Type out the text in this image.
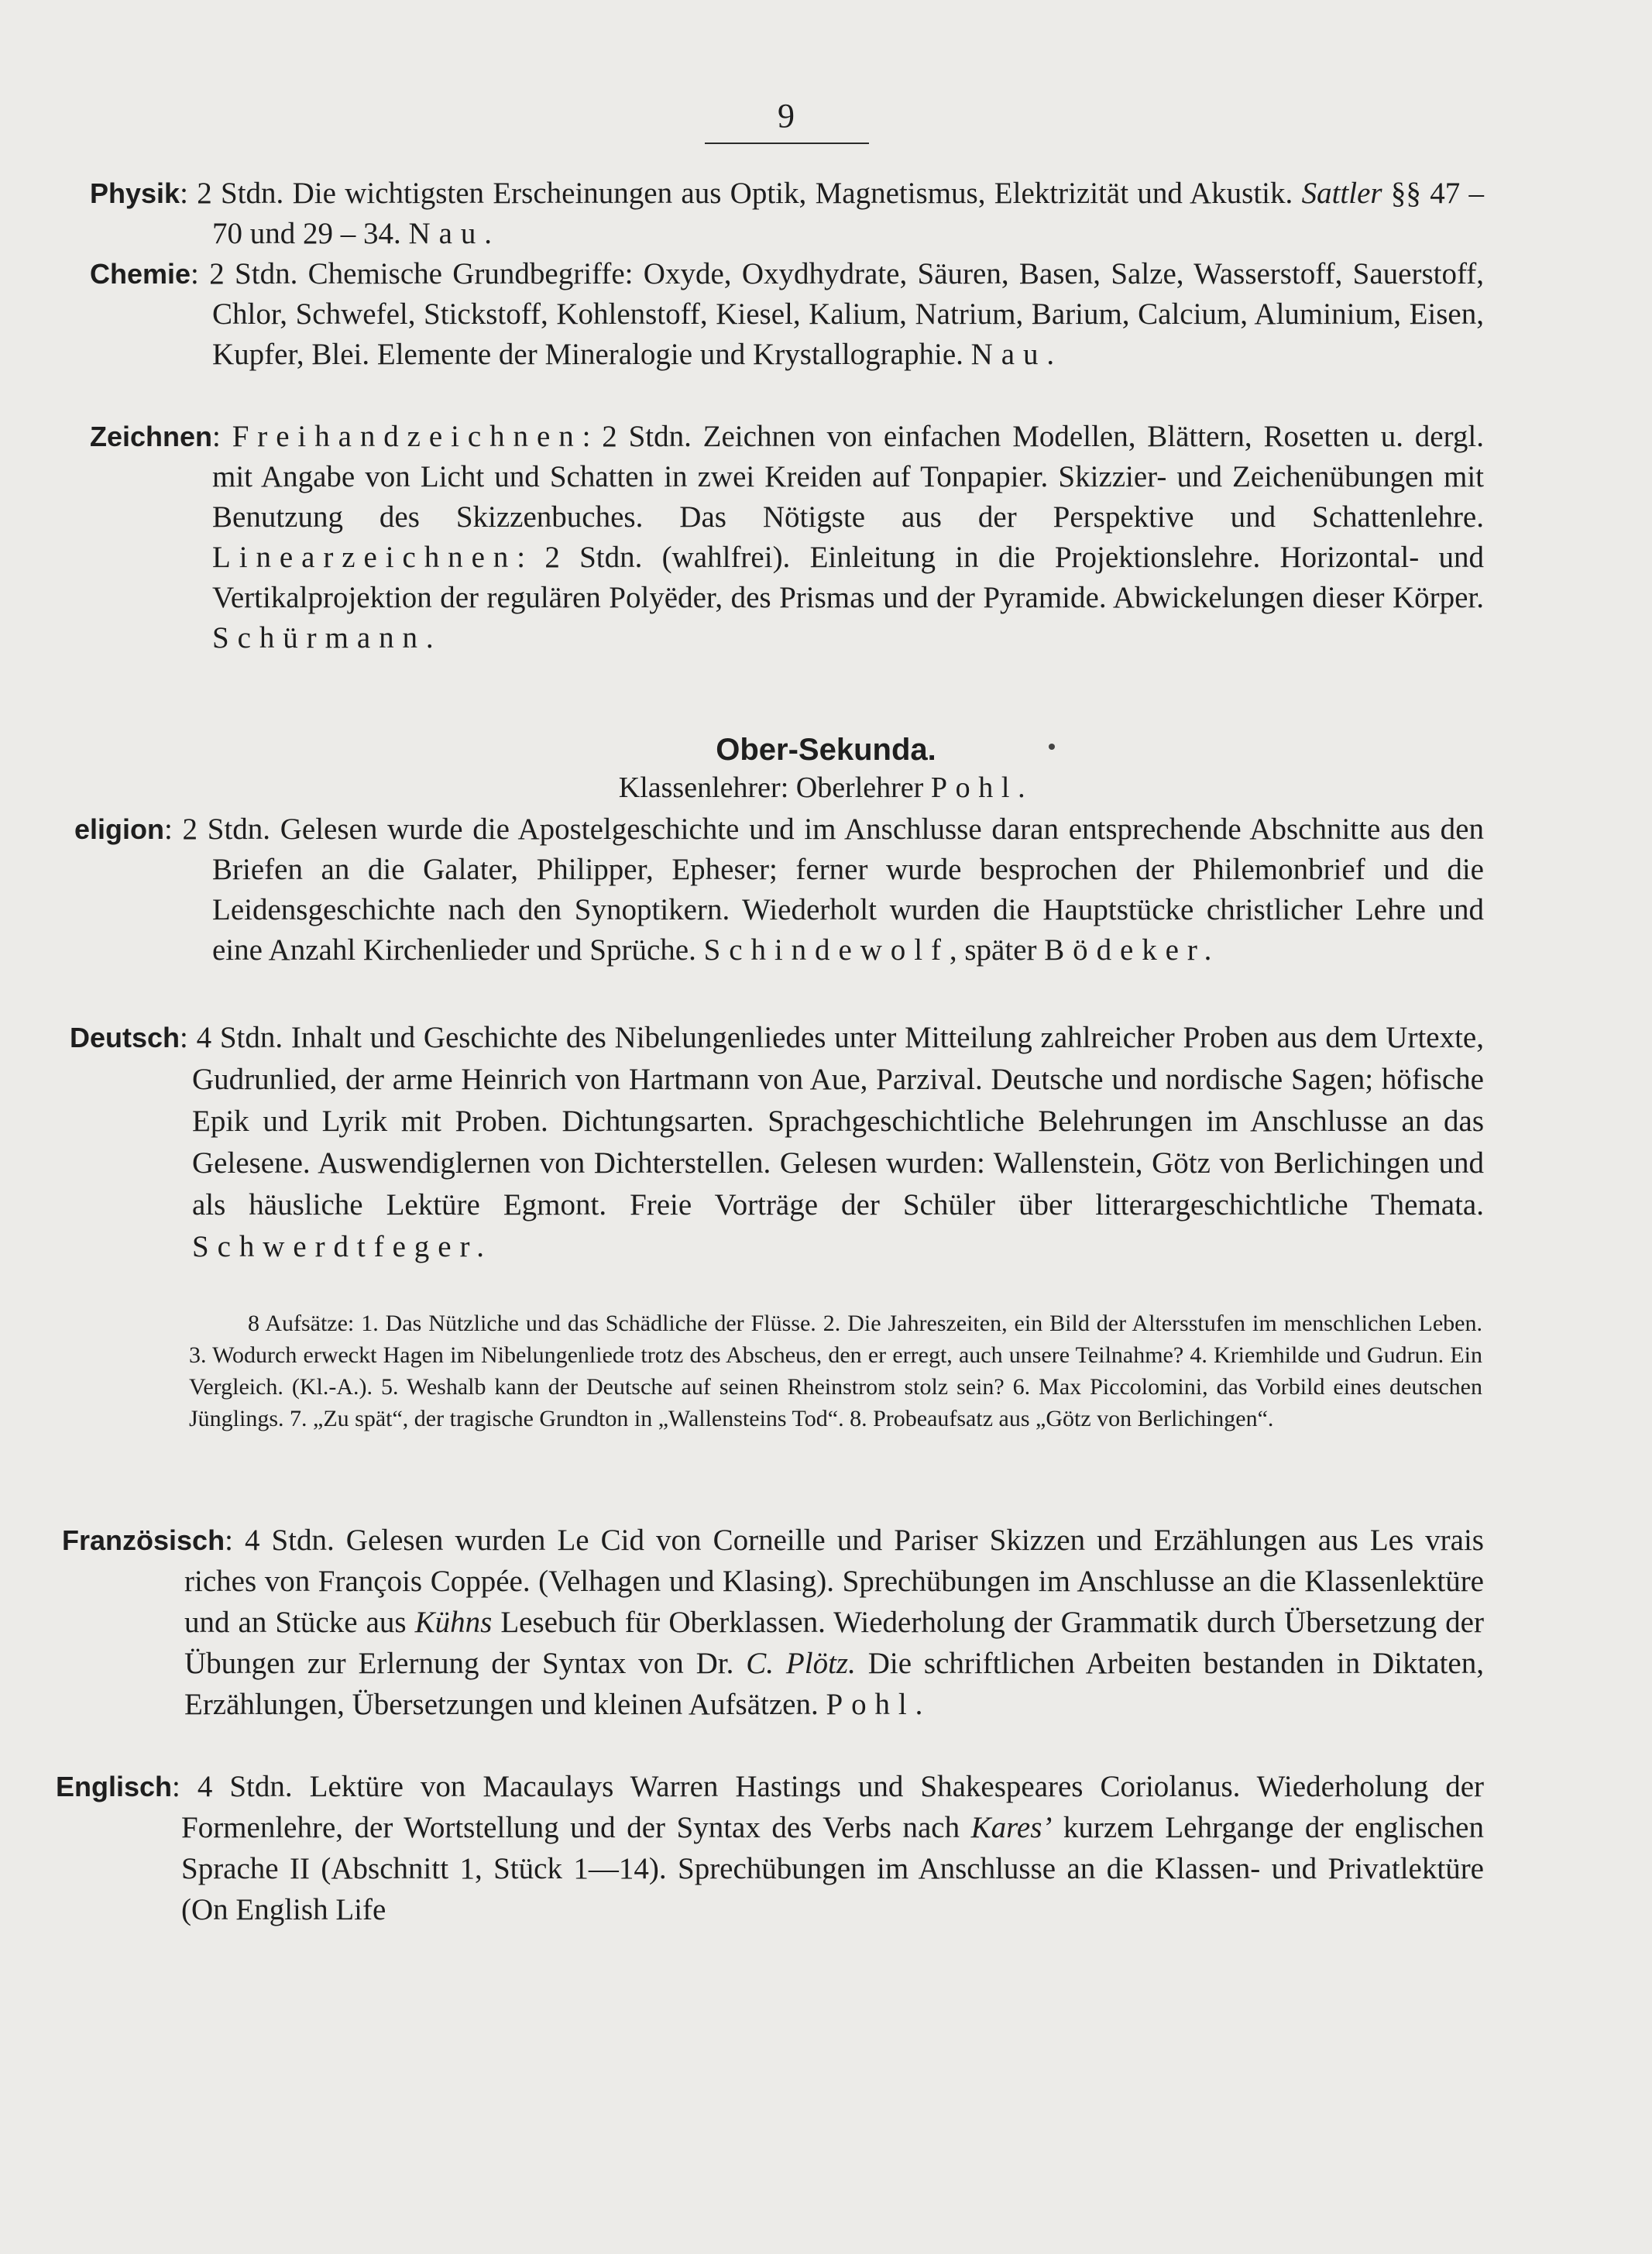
9

Physik: 2 Stdn. Die wichtigsten Erscheinungen aus Optik, Magnetismus, Elektrizität und Akustik. Sattler §§ 47 – 70 und 29 – 34. Nau.

Chemie: 2 Stdn. Chemische Grundbegriffe: Oxyde, Oxydhydrate, Säuren, Basen, Salze, Wasserstoff, Sauerstoff, Chlor, Schwefel, Stickstoff, Kohlenstoff, Kiesel, Kalium, Natrium, Barium, Calcium, Aluminium, Eisen, Kupfer, Blei. Elemente der Mineralogie und Krystallographie. Nau.

Zeichnen: Freihandzeichnen: 2 Stdn. Zeichnen von einfachen Modellen, Blättern, Rosetten u. dergl. mit Angabe von Licht und Schatten in zwei Kreiden auf Tonpapier. Skizzier- und Zeichenübungen mit Benutzung des Skizzenbuches. Das Nötigste aus der Perspektive und Schattenlehre. Linearzeichnen: 2 Stdn. (wahlfrei). Einleitung in die Projektionslehre. Horizontal- und Vertikalprojektion der regulären Polyëder, des Prismas und der Pyramide. Abwickelungen dieser Körper. Schürmann.

Ober-Sekunda.
Klassenlehrer: Oberlehrer Pohl.

eligion: 2 Stdn. Gelesen wurde die Apostelgeschichte und im Anschlusse daran entsprechende Abschnitte aus den Briefen an die Galater, Philipper, Epheser; ferner wurde besprochen der Philemonbrief und die Leidensgeschichte nach den Synoptikern. Wiederholt wurden die Hauptstücke christlicher Lehre und eine Anzahl Kirchenlieder und Sprüche. Schindewolf, später Bödeker.

Deutsch: 4 Stdn. Inhalt und Geschichte des Nibelungenliedes unter Mitteilung zahlreicher Proben aus dem Urtexte, Gudrunlied, der arme Heinrich von Hartmann von Aue, Parzival. Deutsche und nordische Sagen; höfische Epik und Lyrik mit Proben. Dichtungsarten. Sprachgeschichtliche Belehrungen im Anschlusse an das Gelesene. Auswendiglernen von Dichterstellen. Gelesen wurden: Wallenstein, Götz von Berlichingen und als häusliche Lektüre Egmont. Freie Vorträge der Schüler über litterargeschichtliche Themata. Schwerdtfeger.

8 Aufsätze: 1. Das Nützliche und das Schädliche der Flüsse. 2. Die Jahreszeiten, ein Bild der Altersstufen im menschlichen Leben. 3. Wodurch erweckt Hagen im Nibelungenliede trotz des Abscheus, den er erregt, auch unsere Teilnahme? 4. Kriemhilde und Gudrun. Ein Vergleich. (Kl.-A.). 5. Weshalb kann der Deutsche auf seinen Rheinstrom stolz sein? 6. Max Piccolomini, das Vorbild eines deutschen Jünglings. 7. „Zu spät“, der tragische Grundton in „Wallensteins Tod“. 8. Probeaufsatz aus „Götz von Berlichingen“.

Französisch: 4 Stdn. Gelesen wurden Le Cid von Corneille und Pariser Skizzen und Erzählungen aus Les vrais riches von François Coppée. (Velhagen und Klasing). Sprechübungen im Anschlusse an die Klassenlektüre und an Stücke aus Kühns Lesebuch für Oberklassen. Wiederholung der Grammatik durch Übersetzung der Übungen zur Erlernung der Syntax von Dr. C. Plötz. Die schriftlichen Arbeiten bestanden in Diktaten, Erzählungen, Übersetzungen und kleinen Aufsätzen. Pohl.

Englisch: 4 Stdn. Lektüre von Macaulays Warren Hastings und Shakespeares Coriolanus. Wiederholung der Formenlehre, der Wortstellung und der Syntax des Verbs nach Kares’ kurzem Lehrgange der englischen Sprache II (Abschnitt 1, Stück 1—14). Sprechübungen im Anschlusse an die Klassen- und Privatlektüre (On English Life
